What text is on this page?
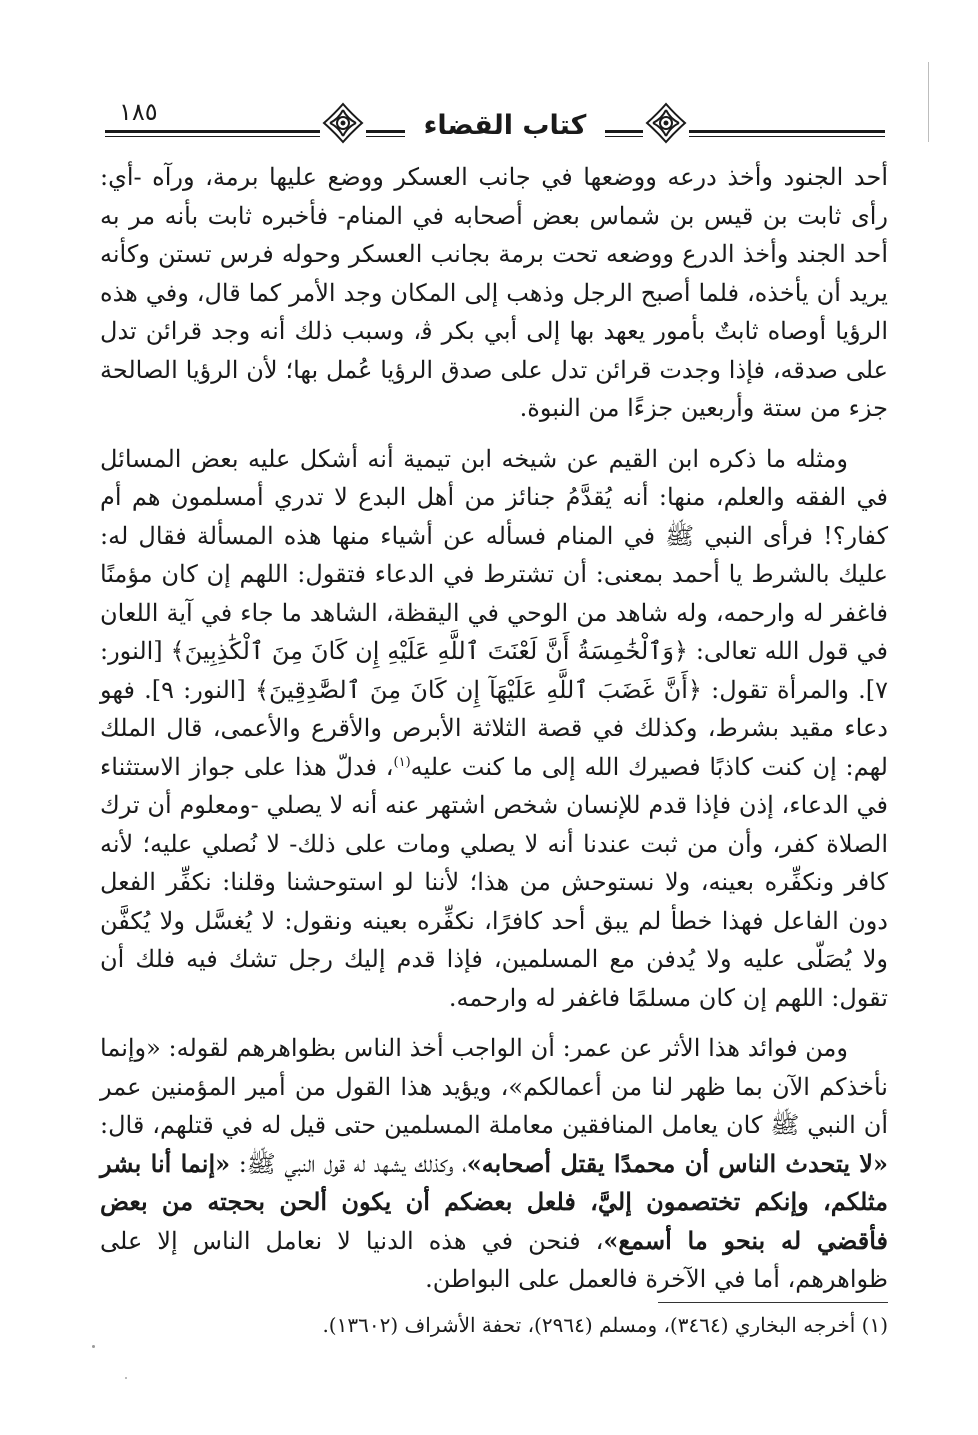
١٨٥	كتاب القضاء

أحد الجنود وأخذ درعه ووضعها في جانب العسكر ووضع عليها برمة، ورآه -أي: رأى ثابت بن قيس بن شماس بعض أصحابه في المنام- فأخبره ثابت بأنه مر به أحد الجند وأخذ الدرع ووضعه تحت برمة بجانب العسكر وحوله فرس تستن وكأنه يريد أن يأخذه، فلما أصبح الرجل وذهب إلى المكان وجد الأمر كما قال، وفي هذه الرؤيا أوصاه ثابتٌ بأمور يعهد بها إلى أبي بكر ﭬ، وسبب ذلك أنه وجد قرائن تدل على صدقه، فإذا وجدت قرائن تدل على صدق الرؤيا عُمل بها؛ لأن الرؤيا الصالحة جزء من ستة وأربعين جزءًا من النبوة.

ومثله ما ذكره ابن القيم عن شيخه ابن تيمية أنه أشكل عليه بعض المسائل في الفقه والعلم، منها: أنه يُقدَّمُ جنائز من أهل البدع لا تدري أمسلمون هم أم كفار؟! فرأى النبي ﷺ في المنام فسأله عن أشياء منها هذه المسألة فقال له: عليك بالشرط يا أحمد بمعنى: أن تشترط في الدعاء فتقول: اللهم إن كان مؤمنًا فاغفر له وارحمه، وله شاهد من الوحي في اليقظة، الشاهد ما جاء في آية اللعان في قول الله تعالى: ﴿وَٱلْخَٰمِسَةُ أَنَّ لَعْنَتَ ٱللَّهِ عَلَيْهِ إِن كَانَ مِنَ ٱلْكَٰذِبِينَ﴾ [النور: ٧]. والمرأة تقول: ﴿أَنَّ غَضَبَ ٱللَّهِ عَلَيْهَآ إِن كَانَ مِنَ ٱلصَّٰدِقِينَ﴾ [النور: ٩]. فهو دعاء مقيد بشرط، وكذلك في قصة الثلاثة الأبرص والأقرع والأعمى، قال الملك لهم: إن كنت كاذبًا فصيرك الله إلى ما كنت عليه$^{(١)}$، فدلّ هذا على جواز الاستثناء في الدعاء، إذن فإذا قدم للإنسان شخص اشتهر عنه أنه لا يصلي -ومعلوم أن ترك الصلاة كفر، وأن من ثبت عندنا أنه لا يصلي ومات على ذلك- لا نُصلي عليه؛ لأنه كافر ونكفِّره بعينه، ولا نستوحش من هذا؛ لأننا لو استوحشنا وقلنا: نكفِّر الفعل دون الفاعل فهذا خطأ لم يبق أحد كافرًا، نكفِّره بعينه ونقول: لا يُغسَّل ولا يُكفَّن ولا يُصَلّى عليه ولا يُدفن مع المسلمين، فإذا قدم إليك رجل تشك فيه فلك أن تقول: اللهم إن كان مسلمًا فاغفر له وارحمه.

ومن فوائد هذا الأثر عن عمر: أن الواجب أخذ الناس بظواهرهم لقوله: «وإنما نأخذكم الآن بما ظهر لنا من أعمالكم»، ويؤيد هذا القول من أمير المؤمنين عمر أن النبي ﷺ كان يعامل المنافقين معاملة المسلمين حتى قيل له في قتلهم، قال: «لا يتحدث الناس أن محمدًا يقتل أصحابه»، وكذلك يشهد له قول النبي ﷺ: «إنما أنا بشر مثلكم، وإنكم تختصمون إليَّ، فلعل بعضكم أن يكون ألحن بحجته من بعض فأقضي له بنحو ما أسمع»، فنحن في هذه الدنيا لا نعامل الناس إلا على ظواهرهم، أما في الآخرة فالعمل على البواطن.

(١) أخرجه البخاري (٣٤٦٤)، ومسلم (٢٩٦٤)، تحفة الأشراف (١٣٦٠٢).
